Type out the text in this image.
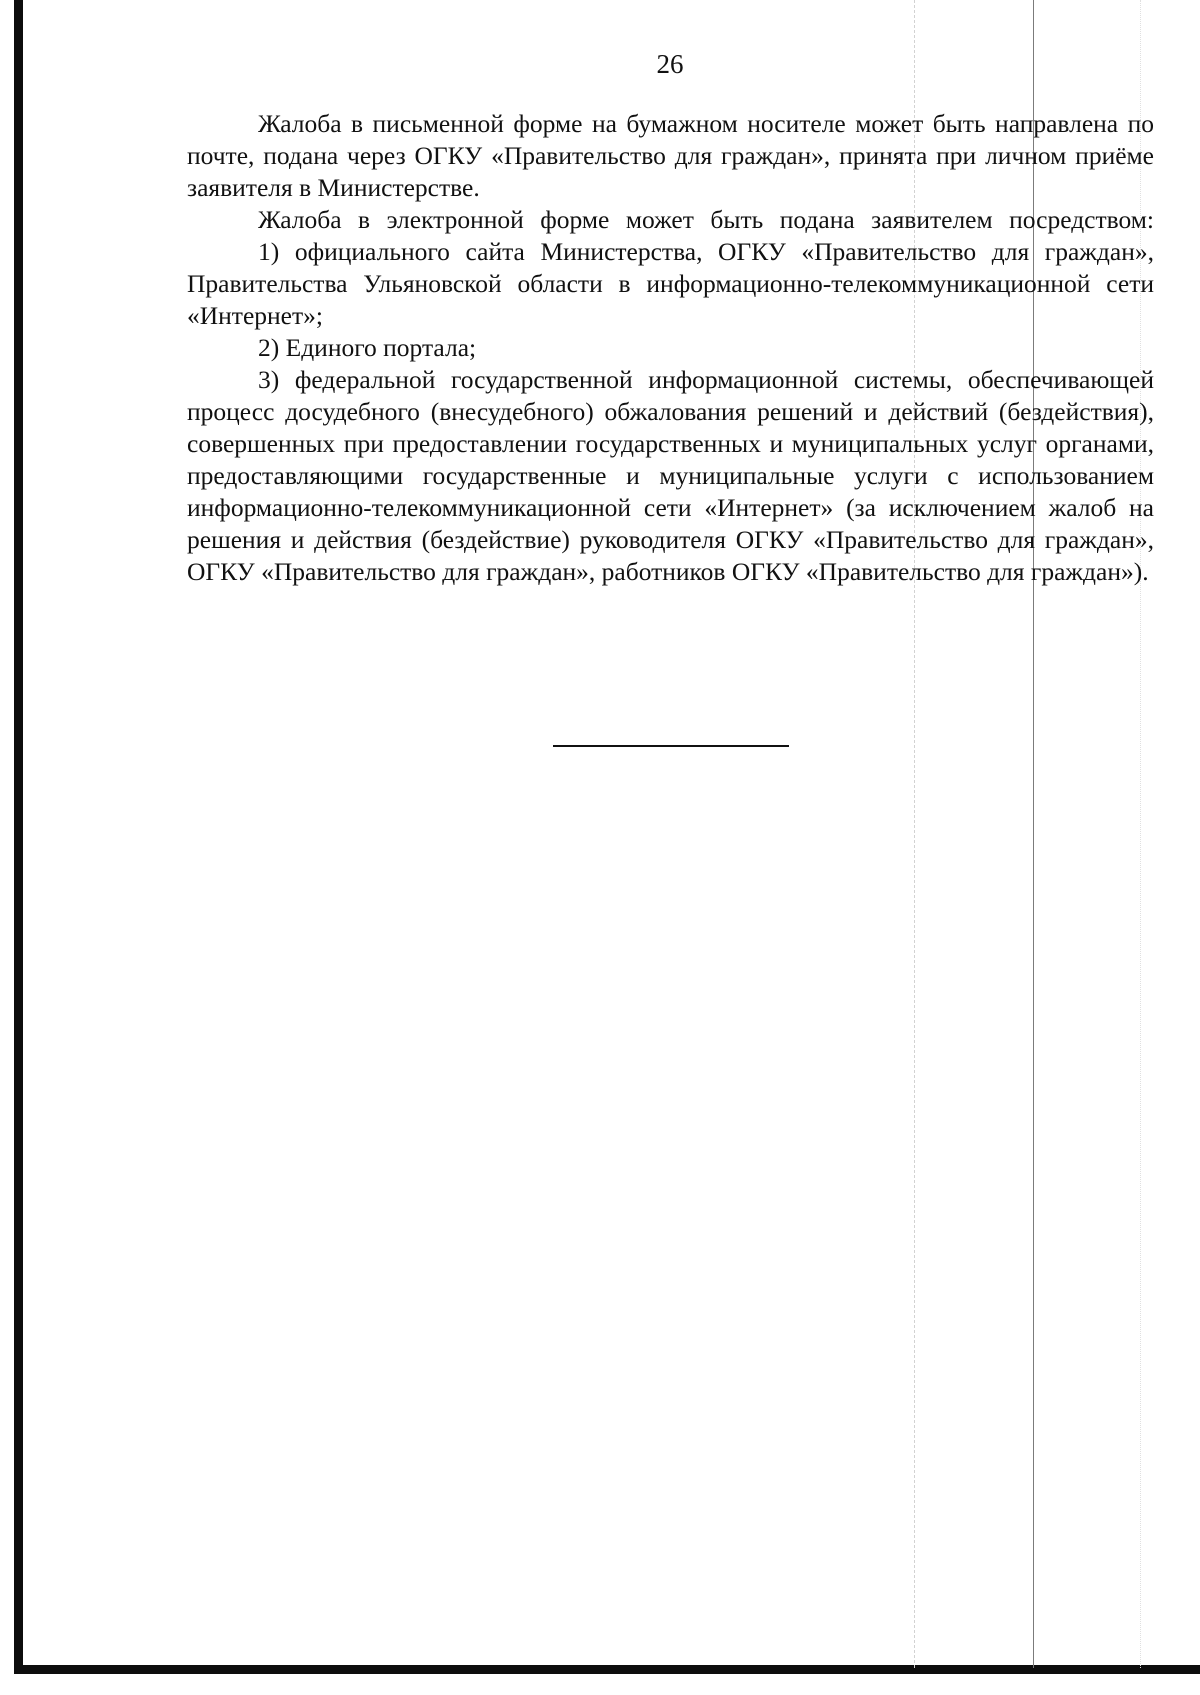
26

Жалоба в письменной форме на бумажном носителе может быть направлена по почте, подана через ОГКУ «Правительство для граждан», принята при личном приёме заявителя в Министерстве.

Жалоба в электронной форме может быть подана заявителем посредством:

1) официального сайта Министерства, ОГКУ «Правительство для граждан», Правительства Ульяновской области в информационно-телекоммуникационной сети «Интернет»;

2) Единого портала;

3) федеральной государственной информационной системы, обеспечивающей процесс досудебного (внесудебного) обжалования решений и действий (бездействия), совершенных при предоставлении государственных и муниципальных услуг органами, предоставляющими государственные и муниципальные услуги с использованием информационно-телекоммуникационной сети «Интернет» (за исключением жалоб на решения и действия (бездействие) руководителя ОГКУ «Правительство для граждан», ОГКУ «Правительство для граждан», работников ОГКУ «Правительство для граждан»).
